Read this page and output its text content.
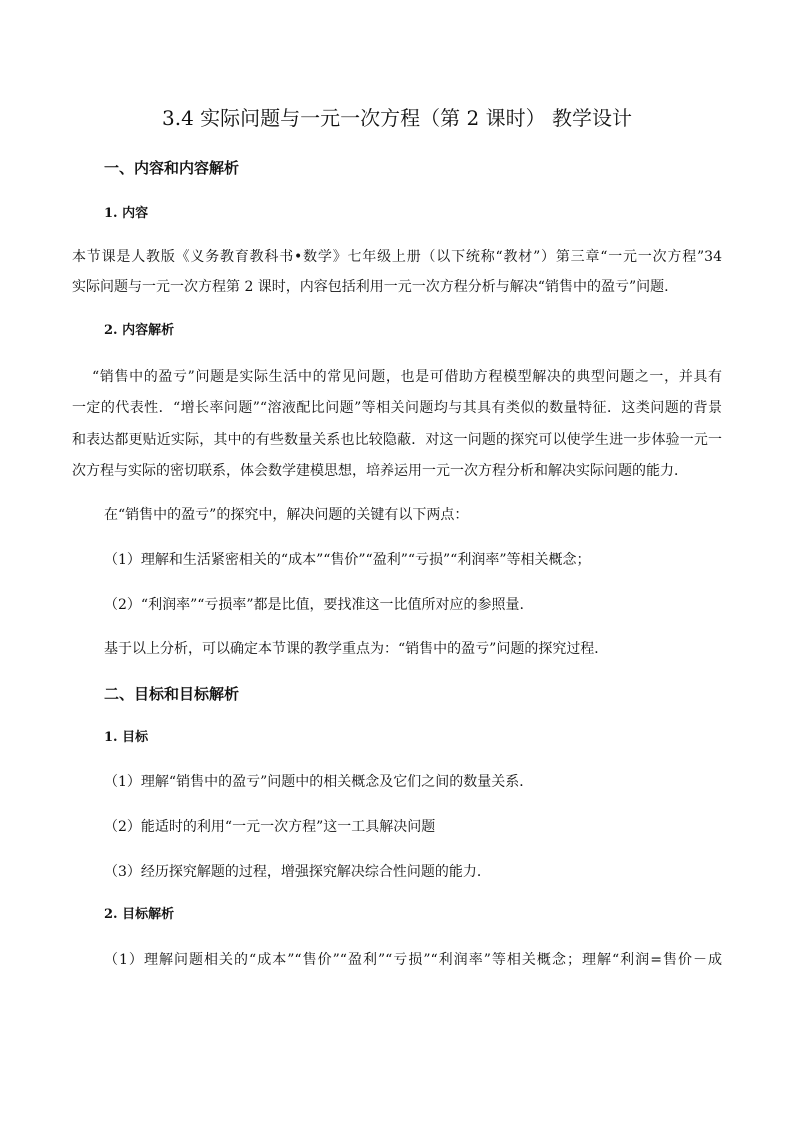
3.4 实际问题与一元一次方程（第 2 课时） 教学设计
一、内容和内容解析
1. 内容
本节课是人教版《义务教育教科书•数学》七年级上册（以下统称“教材”）第三章“一元一次方程”34
实际问题与一元一次方程第 2 课时，内容包括利用一元一次方程分析与解决“销售中的盈亏”问题.
2. 内容解析
“销售中的盈亏”问题是实际生活中的常见问题，也是可借助方程模型解决的典型问题之一，并具有
一定的代表性．“增长率问题”“溶液配比问题”等相关问题均与其具有类似的数量特征．这类问题的背景
和表达都更贴近实际，其中的有些数量关系也比较隐蔽．对这一问题的探究可以使学生进一步体验一元一
次方程与实际的密切联系，体会数学建模思想，培养运用一元一次方程分析和解决实际问题的能力．
在“销售中的盈亏”的探究中，解决问题的关键有以下两点：
（1）理解和生活紧密相关的“成本”“售价”“盈利”“亏损”“利润率”等相关概念；
（2）“利润率”“亏损率”都是比值，要找准这一比值所对应的参照量.
基于以上分析，可以确定本节课的教学重点为：“销售中的盈亏”问题的探究过程．
二、目标和目标解析
1. 目标
（1）理解“销售中的盈亏”问题中的相关概念及它们之间的数量关系．
（2）能适时的利用“一元一次方程”这一工具解决问题
（3）经历探究解题的过程，增强探究解决综合性问题的能力．
2. 目标解析
（1）理解问题相关的“成本”“售价”“盈利”“亏损”“利润率”等相关概念；理解“利润=售价－成
